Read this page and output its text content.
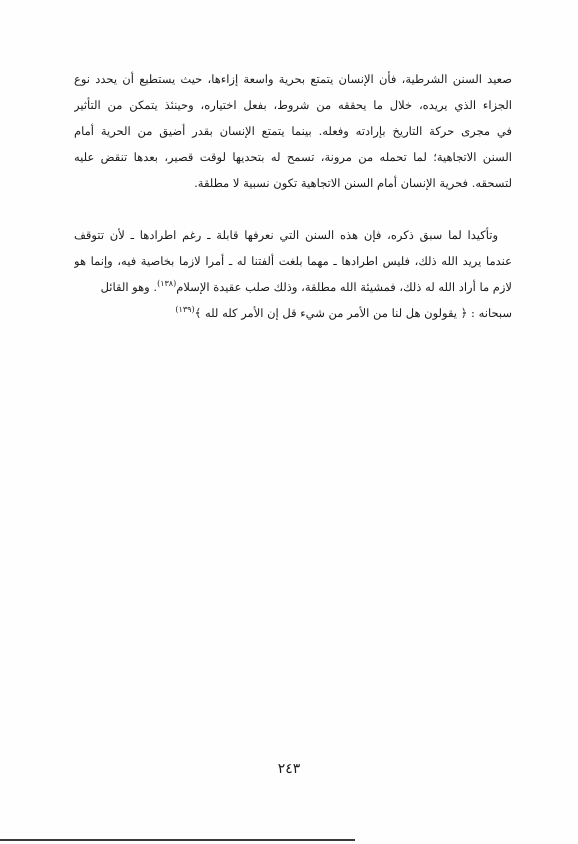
صعيد السنن الشرطية، فأن الإنسان يتمتع بحرية واسعة إزاءها، حيث يستطيع أن يحدد نوع
الجزاء الذي يريده، خلال ما يحققه من شروط، بفعل اختياره، وحينئذ يتمكن من التأثير
في مجرى حركة التاريخ بإرادته وفعله. بينما يتمتع الإنسان بقدر أضيق من الحرية أمام
السنن الاتجاهية؛ لما تحمله من مرونة، تسمح له بتحديها لوقت قصير، بعدها تنقض عليه
لتسحقه. فحرية الإنسان أمام السنن الاتجاهية تكون نسبية لا مطلقة.
وتأكيدا لما سبق ذكره، فإن هذه السنن التي نعرفها قابلة ـ رغم اطرادها ـ لأن تتوقف
عندما يريد الله ذلك، فليس اطرادها ـ مهما بلغت ألفتنا له ـ أمرا لازما بخاصية فيه، وإنما هو
لازم ما أراد الله له ذلك، فمشيئة الله مطلقة، وذلك صلب عقيدة الإسلام$^{(١٣٨)}$. وهو القائل
سبحانه : ﴿ يقولون هل لنا من الأمر من شيء قل إن الأمر كله لله ﴾$^{(١٣٩)}$
٢٤٣
